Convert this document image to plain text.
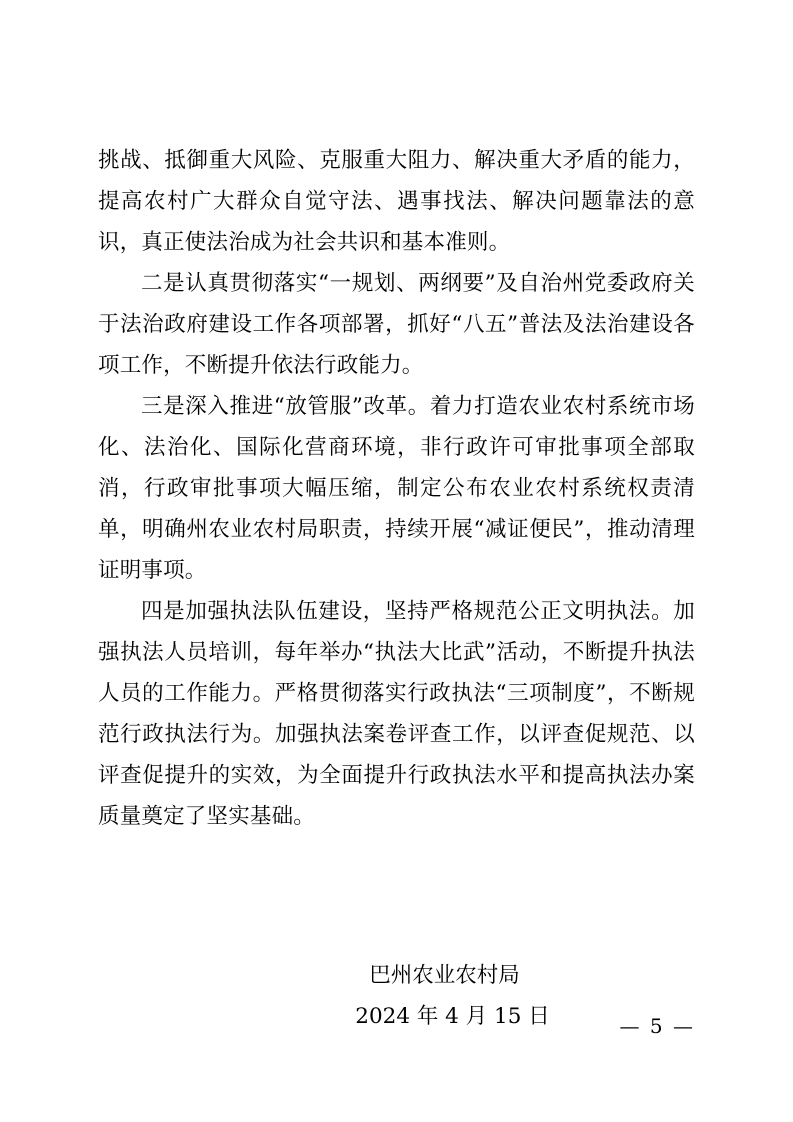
挑战、抵御重大风险、克服重大阻力、解决重大矛盾的能力，提高农村广大群众自觉守法、遇事找法、解决问题靠法的意识，真正使法治成为社会共识和基本准则。

二是认真贯彻落实“一规划、两纲要”及自治州党委政府关于法治政府建设工作各项部署，抓好“八五”普法及法治建设各项工作，不断提升依法行政能力。

三是深入推进“放管服”改革。着力打造农业农村系统市场化、法治化、国际化营商环境，非行政许可审批事项全部取消，行政审批事项大幅压缩，制定公布农业农村系统权责清单，明确州农业农村局职责，持续开展“减证便民”，推动清理证明事项。

四是加强执法队伍建设，坚持严格规范公正文明执法。加强执法人员培训，每年举办“执法大比武”活动，不断提升执法人员的工作能力。严格贯彻落实行政执法“三项制度”，不断规范行政执法行为。加强执法案卷评查工作，以评查促规范、以评查促提升的实效，为全面提升行政执法水平和提高执法办案质量奠定了坚实基础。

巴州农业农村局
2024 年 4 月 15 日	— 5 —
